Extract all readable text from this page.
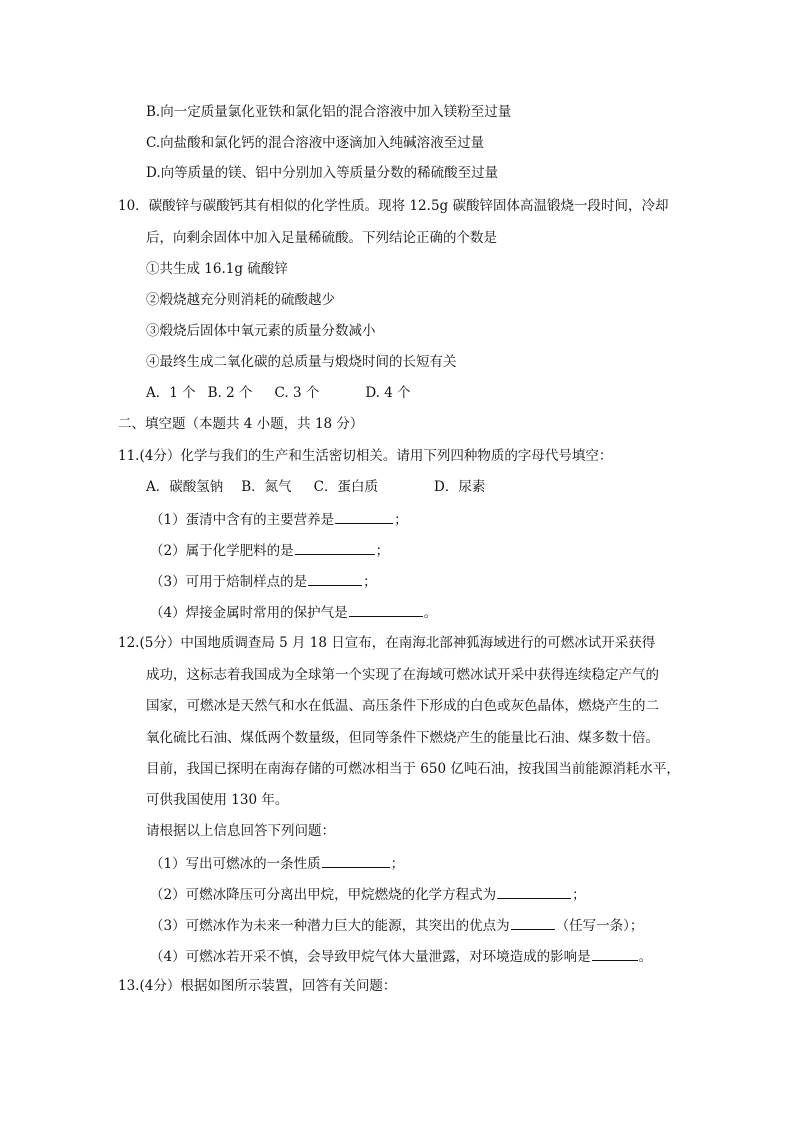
B.向一定质量氯化亚铁和氯化铝的混合溶液中加入镁粉至过量
C.向盐酸和氯化钙的混合溶液中逐滴加入纯碱溶液至过量
D.向等质量的镁、铝中分别加入等质量分数的稀硫酸至过量
10．碳酸锌与碳酸钙其有相似的化学性质。现将 12.5g 碳酸锌固体高温锻烧一段时间，冷却
后，向剩余固体中加入足量稀硫酸。下列结论正确的个数是
①共生成 16.1g 硫酸锌
②煅烧越充分则消耗的硫酸越少
③煅烧后固体中氧元素的质量分数减小
④最终生成二氧化碳的总质量与煅烧时间的长短有关
A．1 个 B. 2 个 C. 3 个	D. 4 个
二、填空题（本题共 4 小题，共 18 分）
11.(4分）化学与我们的生产和生活密切相关。请用下列四种物质的字母代号填空：
A．碳酸氢钠 B．氮气 C．蛋白质	D．尿素
（1）蛋清中含有的主要营养是	；
（2）属于化学肥料的是	；
（3）可用于焙制样点的是	；
（4）焊接金属时常用的保护气是	。
12.(5分）中国地质调查局 5 月 18 日宣布，在南海北部神狐海域进行的可燃冰试开采获得
成功，这标志着我国成为全球第一个实现了在海域可燃冰试开采中获得连续稳定产气的
国家，可燃冰是天然气和水在低温、高压条件下形成的白色或灰色晶体，燃烧产生的二
氧化硫比石油、煤低两个数量级，但同等条件下燃烧产生的能量比石油、煤多数十倍。
目前，我国已探明在南海存储的可燃冰相当于 650 亿吨石油，按我国当前能源消耗水平，
可供我国使用 130 年。
请根据以上信息回答下列问题：
（1）写出可燃冰的一条性质	；
（2）可燃冰降压可分离出甲烷，甲烷燃烧的化学方程式为	；
（3）可燃冰作为未来一种潜力巨大的能源，其突出的优点为	（任写一条）；
（4）可燃冰若开采不慎，会导致甲烷气体大量泄露，对环境造成的影响是	。
13.(4分）根据如图所示装置，回答有关问题：
